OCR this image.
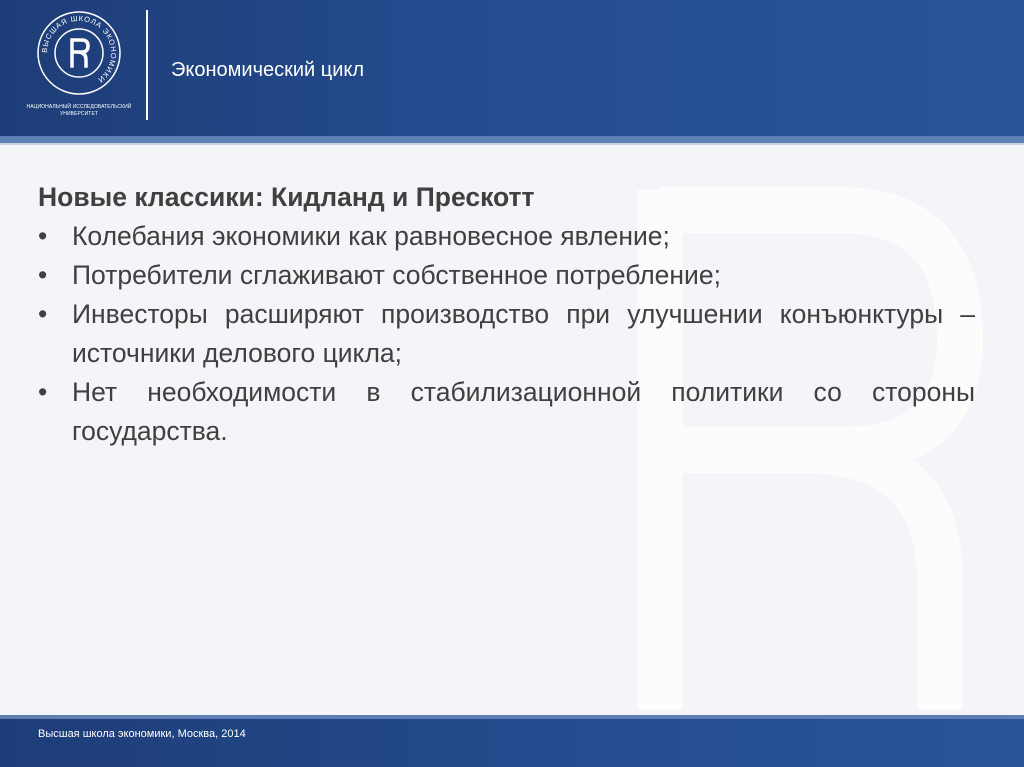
ВЫСШАЯ ШКОЛА ЭКОНОМИКИ
НАЦИОНАЛЬНЫЙ ИССЛЕДОВАТЕЛЬСКИЙ
УНИВЕРСИТЕТ
Экономический цикл

Новые классики: Кидланд и Прескотт

• Колебания экономики как равновесное явление;
• Потребители сглаживают собственное потребление;
• Инвесторы расширяют производство при улучшении конъюнктуры – источники делового цикла;
• Нет необходимости в стабилизационной политики со стороны государства.
Высшая школа экономики, Москва, 2014
